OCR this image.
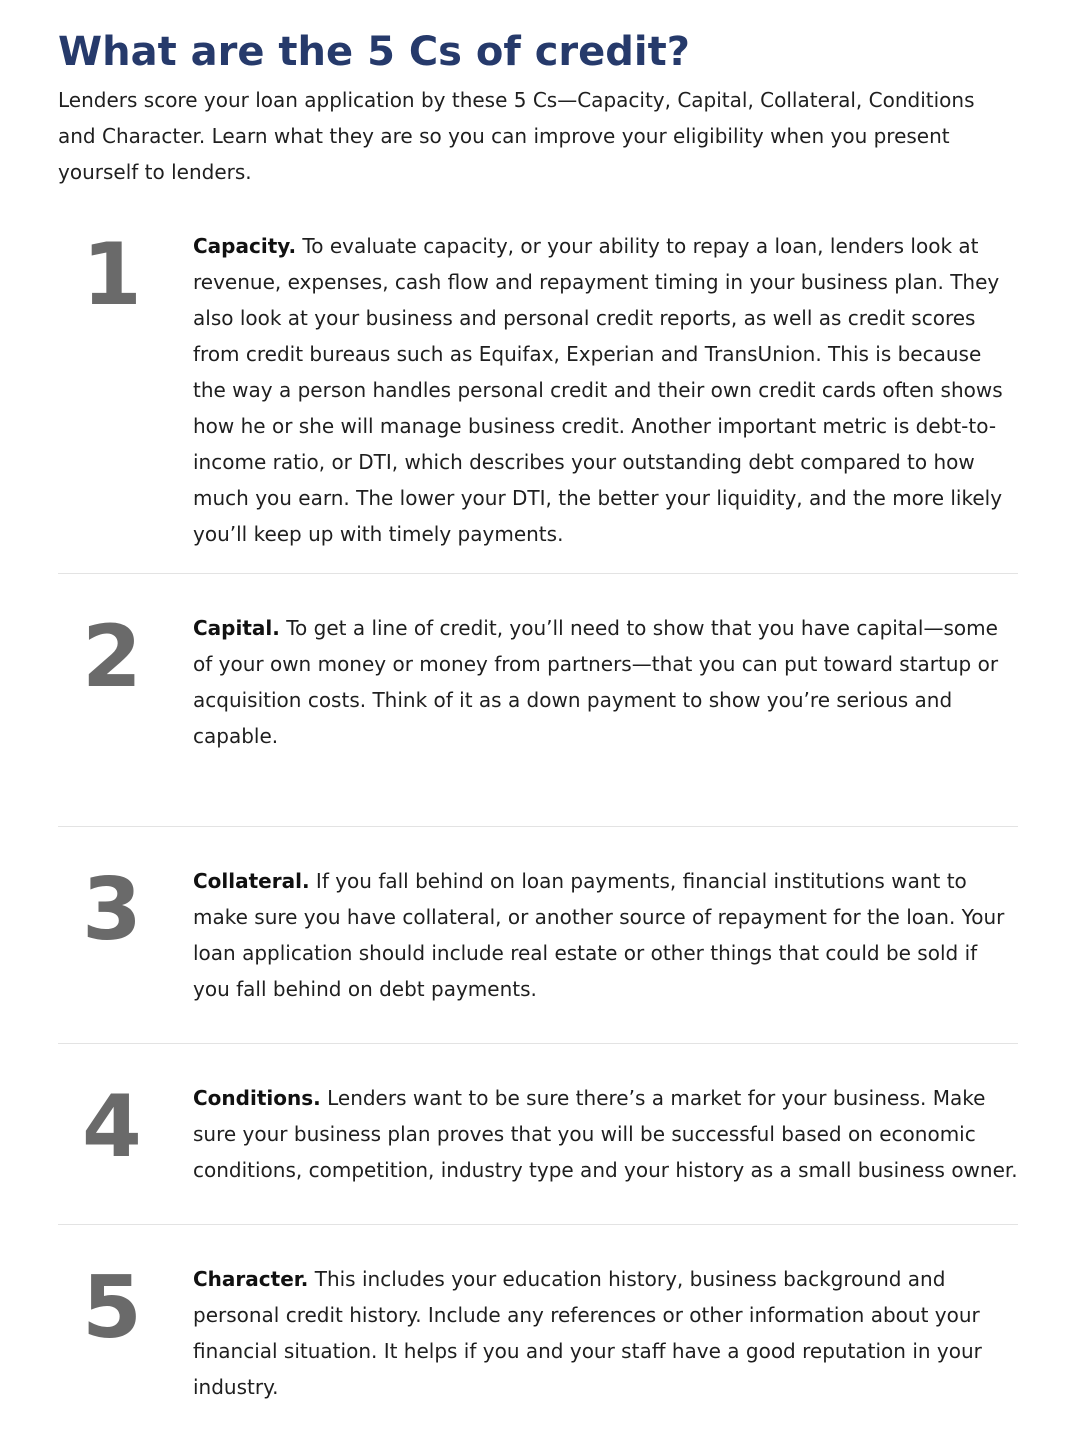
What are the 5 Cs of credit?

Lenders score your loan application by these 5 Cs—Capacity, Capital, Collateral, Conditions and Character. Learn what they are so you can improve your eligibility when you present yourself to lenders.

1	Capacity. To evaluate capacity, or your ability to repay a loan, lenders look at revenue, expenses, cash flow and repayment timing in your business plan. They also look at your business and personal credit reports, as well as credit scores from credit bureaus such as Equifax, Experian and TransUnion. This is because the way a person handles personal credit and their own credit cards often shows how he or she will manage business credit. Another important metric is debt-to-income ratio, or DTI, which describes your outstanding debt compared to how much you earn. The lower your DTI, the better your liquidity, and the more likely you’ll keep up with timely payments.
2	Capital. To get a line of credit, you’ll need to show that you have capital—some of your own money or money from partners—that you can put toward startup or acquisition costs. Think of it as a down payment to show you’re serious and capable.
3	Collateral. If you fall behind on loan payments, financial institutions want to make sure you have collateral, or another source of repayment for the loan. Your loan application should include real estate or other things that could be sold if you fall behind on debt payments.
4	Conditions. Lenders want to be sure there’s a market for your business. Make sure your business plan proves that you will be successful based on economic conditions, competition, industry type and your history as a small business owner.
5	Character. This includes your education history, business background and personal credit history. Include any references or other information about your financial situation. It helps if you and your staff have a good reputation in your industry.
